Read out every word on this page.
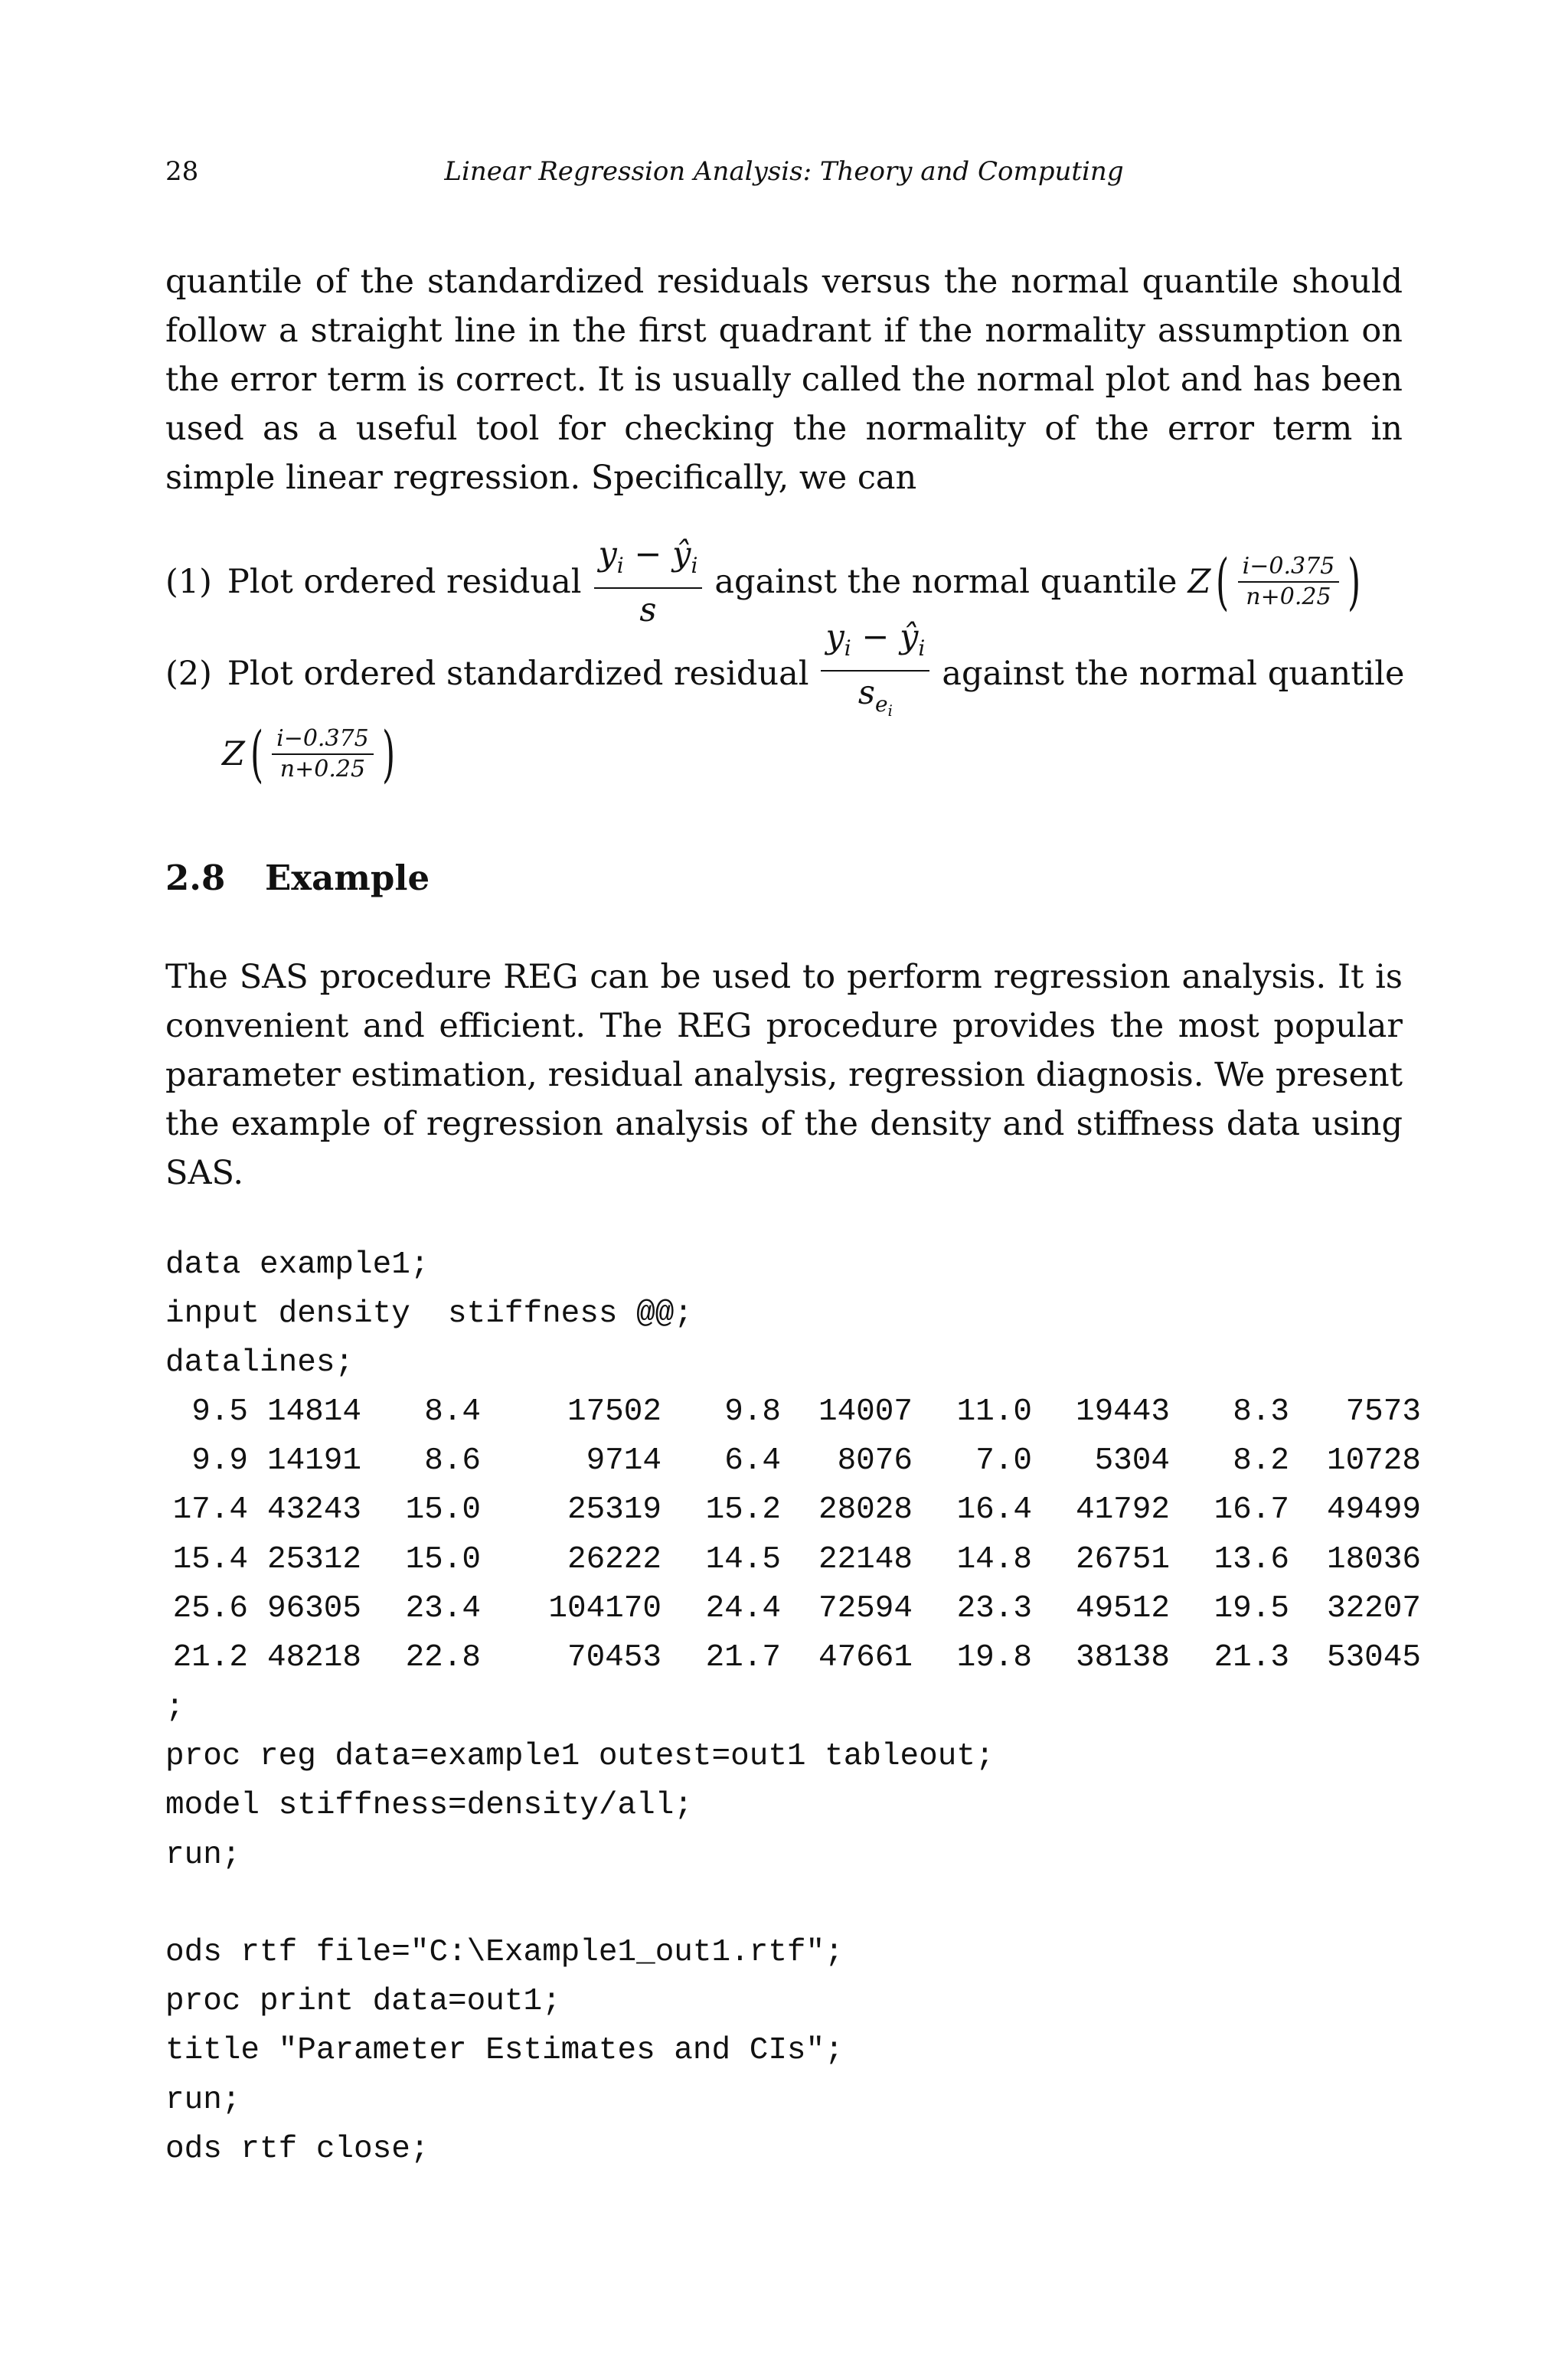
28	Linear Regression Analysis: Theory and Computing

quantile of the standardized residuals versus the normal quantile should follow a straight line in the first quadrant if the normality assumption on the error term is correct. It is usually called the normal plot and has been used as a useful tool for checking the normality of the error term in simple linear regression. Specifically, we can

(1) Plot ordered residual $\frac{y_i - ŷ_i}{s}$ against the normal quantile Z ( $\frac{i-0.375}{n+0.25}$ )
(2) Plot ordered standardized residual $\frac{y_i - ŷ_i}{s_{e_i}}$ against the normal quantile
Z ( $\frac{i-0.375}{n+0.25}$ )
2.8 Example

The SAS procedure REG can be used to perform regression analysis. It is convenient and efficient. The REG procedure provides the most popular parameter estimation, residual analysis, regression diagnosis. We present the example of regression analysis of the density and stiffness data using SAS.

data example1;
input density  stiffness @@;
datalines;
9.5	14814	8.4	17502	9.8	14007	11.0	19443	8.3	7573
9.9	14191	8.6	9714	6.4	8076	7.0	5304	8.2	10728
17.4	43243	15.0	25319	15.2	28028	16.4	41792	16.7	49499
15.4	25312	15.0	26222	14.5	22148	14.8	26751	13.6	18036
25.6	96305	23.4	104170	24.4	72594	23.3	49512	19.5	32207
21.2	48218	22.8	70453	21.7	47661	19.8	38138	21.3	53045
;
proc reg data=example1 outest=out1 tableout;
model stiffness=density/all;
run;
ods rtf file="C:\Example1_out1.rtf";
proc print data=out1;
title "Parameter Estimates and CIs";
run;
ods rtf close;
